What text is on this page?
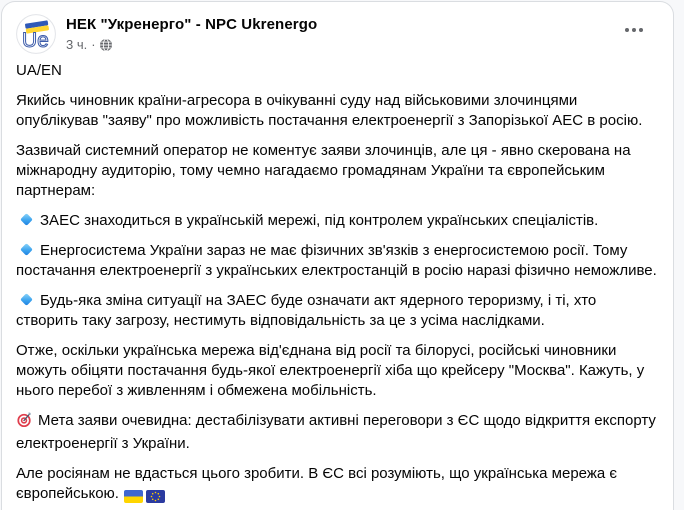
Ue
НЕК "Укренерго" - NPC Ukrenergo
3 ч. ·

UA/EN

Якийсь чиновник країни-агресора в очікуванні суду над військовими злочинцями опублікував "заяву" про можливість постачання електроенергії з Запорізької АЕС в росію.

Зазвичай системний оператор не коментує заяви злочинців, але ця - явно скерована на міжнародну аудиторію, тому чемно нагадаємо громадянам України та європейським партнерам:

ЗАЕС знаходиться в українській мережі, під контролем українських спеціалістів.

Енергосистема України зараз не має фізичних зв'язків з енергосистемою росії. Тому постачання електроенергії з українських електростанцій в росію наразі фізично неможливе.

Будь-яка зміна ситуації на ЗАЕС буде означати акт ядерного тероризму, і ті, хто створить таку загрозу, нестимуть відповідальність за це з усіма наслідками.

Отже, оскільки українська мережа від'єднана від росії та білорусі, російські чиновники можуть обіцяти постачання будь-якої електроенергії хіба що крейсеру "Москва". Кажуть, у нього перебої з живленням і обмежена мобільність.

Мета заяви очевидна: дестабілізувати активні переговори з ЄС щодо відкриття експорту електроенергії з України.

Але росіянам не вдасться цього зробити. В ЄС всі розуміють, що українська мережа є європейською.
